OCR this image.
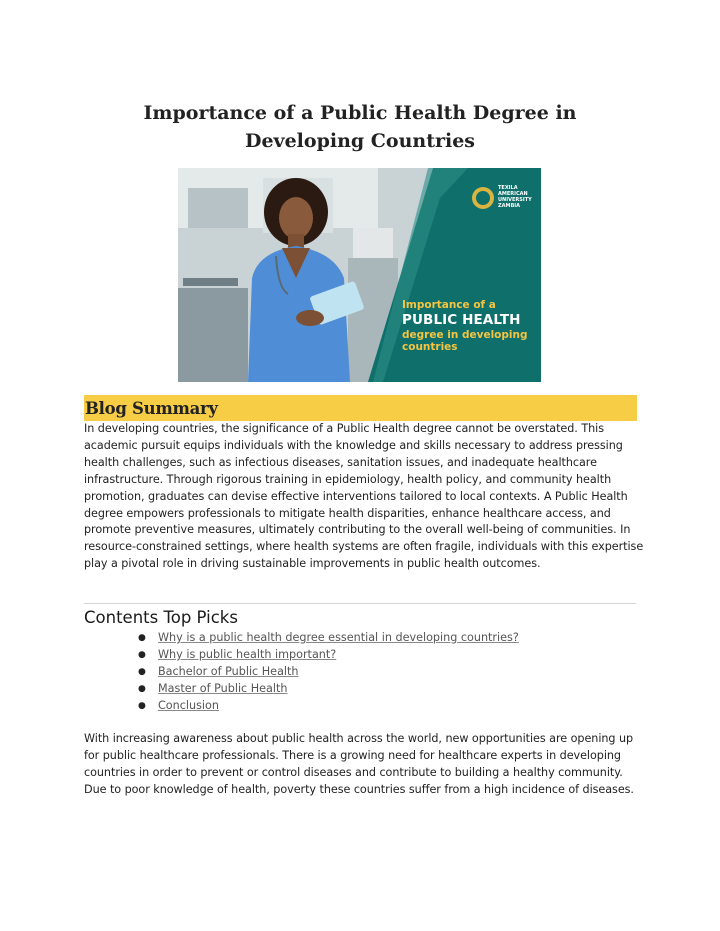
Importance of a Public Health Degree in Developing Countries
TEXILA
AMERICAN
UNIVERSITY
ZAMBIA
Importance of a
PUBLIC HEALTH
degree in developing countries
Blog Summary

In developing countries, the significance of a Public Health degree cannot be overstated. This academic pursuit equips individuals with the knowledge and skills necessary to address pressing health challenges, such as infectious diseases, sanitation issues, and inadequate healthcare infrastructure. Through rigorous training in epidemiology, health policy, and community health promotion, graduates can devise effective interventions tailored to local contexts. A Public Health degree empowers professionals to mitigate health disparities, enhance healthcare access, and promote preventive measures, ultimately contributing to the overall well-being of communities. In resource-constrained settings, where health systems are often fragile, individuals with this expertise play a pivotal role in driving sustainable improvements in public health outcomes.

Contents Top Picks
● Why is a public health degree essential in developing countries?
● Why is public health important?
● Bachelor of Public Health
● Master of Public Health
● Conclusion

With increasing awareness about public health across the world, new opportunities are opening up for public healthcare professionals. There is a growing need for healthcare experts in developing countries in order to prevent or control diseases and contribute to building a healthy community. Due to poor knowledge of health, poverty these countries suffer from a high incidence of diseases.
